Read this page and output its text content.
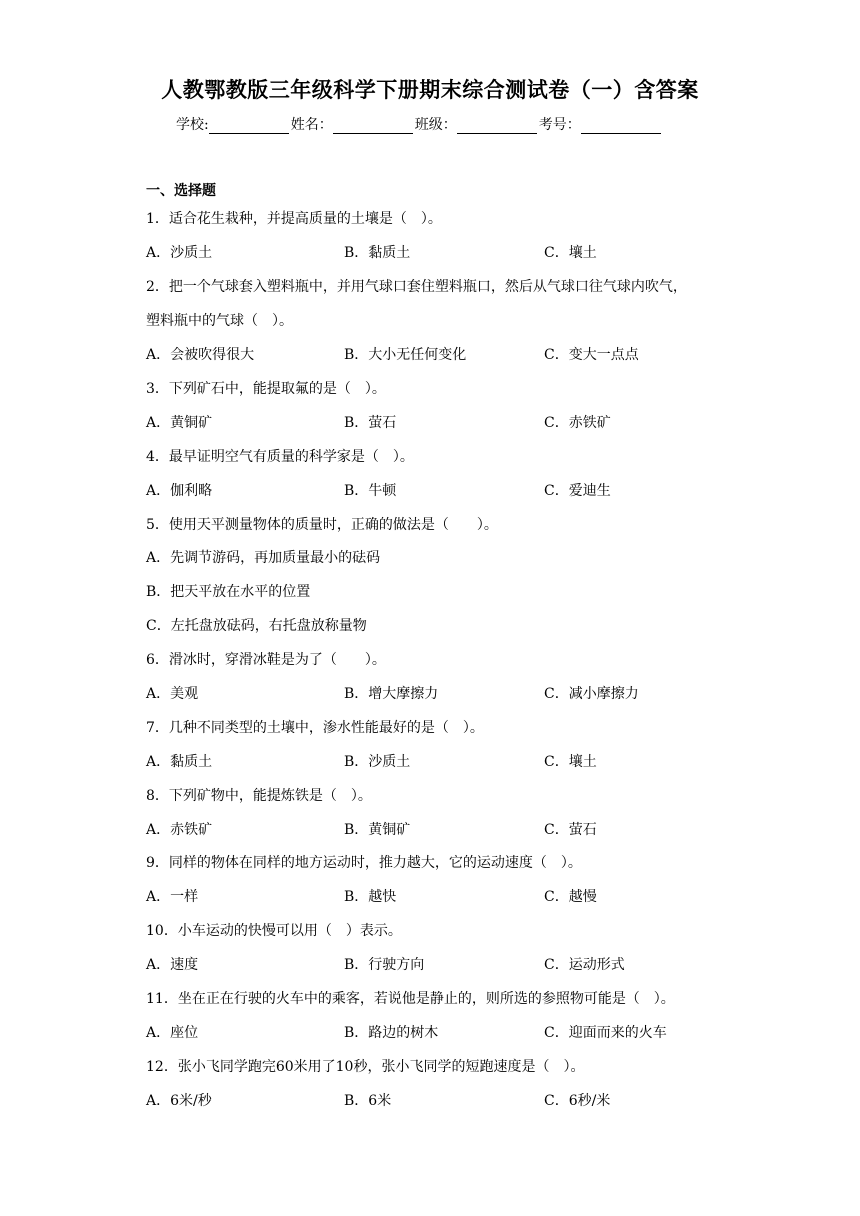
人教鄂教版三年级科学下册期末综合测试卷（一）含答案
学校:	姓名：	班级：	考号：
一、选择题
1．适合花生栽种，并提高质量的土壤是（　）。
A．沙质土	B．黏质土	C．壤土
2．把一个气球套入塑料瓶中，并用气球口套住塑料瓶口，然后从气球口往气球内吹气，
塑料瓶中的气球（　）。
A．会被吹得很大	B．大小无任何变化	C．变大一点点
3．下列矿石中，能提取氟的是（　）。
A．黄铜矿	B．萤石	C．赤铁矿
4．最早证明空气有质量的科学家是（　）。
A．伽利略	B．牛顿	C．爱迪生
5．使用天平测量物体的质量时，正确的做法是（　　）。
A．先调节游码，再加质量最小的砝码
B．把天平放在水平的位置
C．左托盘放砝码，右托盘放称量物
6．滑冰时，穿滑冰鞋是为了（　　）。
A．美观	B．增大摩擦力	C．减小摩擦力
7．几种不同类型的土壤中，渗水性能最好的是（　）。
A．黏质土	B．沙质土	C．壤土
8．下列矿物中，能提炼铁是（　）。
A．赤铁矿	B．黄铜矿	C．萤石
9．同样的物体在同样的地方运动时，推力越大，它的运动速度（　）。
A．一样	B．越快	C．越慢
10．小车运动的快慢可以用（　）表示。
A．速度	B．行驶方向	C．运动形式
11．坐在正在行驶的火车中的乘客，若说他是静止的，则所选的参照物可能是（　）。
A．座位	B．路边的树木	C．迎面而来的火车
12．张小飞同学跑完60米用了10秒，张小飞同学的短跑速度是（　）。
A．6米/秒	B．6米	C．6秒/米
